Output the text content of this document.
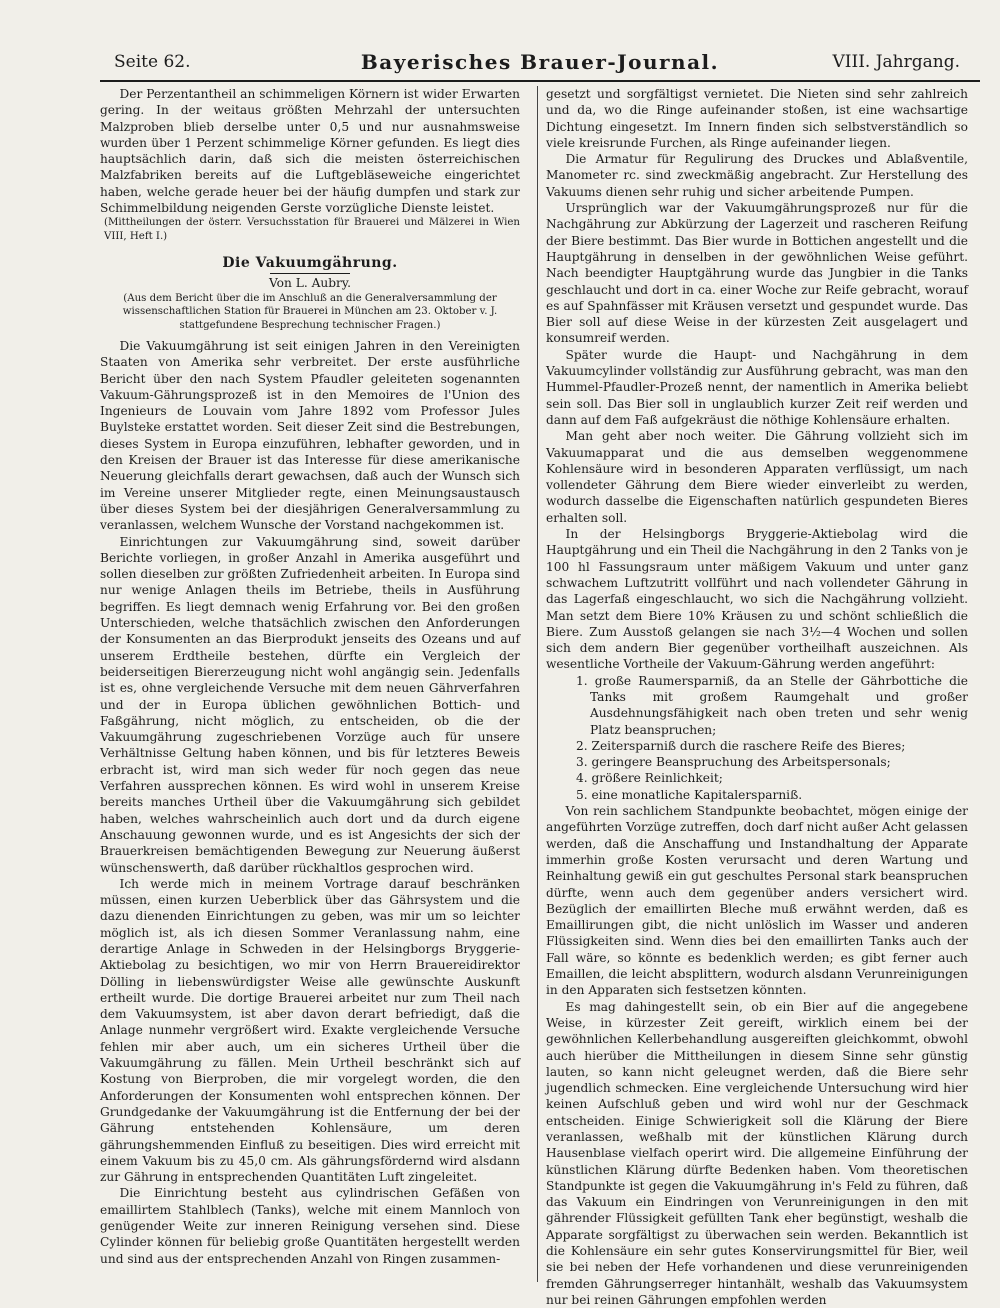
Seite 62.	Bayerisches Brauer-Journal.	VIII. Jahrgang.

Der Perzentantheil an schimmeligen Körnern ist wider Erwarten gering. In der weitaus größten Mehrzahl der untersuchten Malzproben blieb derselbe unter 0,5 und nur ausnahmsweise wurden über 1 Perzent schimmelige Körner gefunden. Es liegt dies hauptsächlich darin, daß sich die meisten österreichischen Malzfabriken bereits auf die Luftgebläseweiche eingerichtet haben, welche gerade heuer bei der häufig dumpfen und stark zur Schimmelbildung neigenden Gerste vorzügliche Dienste leistet.

(Mittheilungen der österr. Versuchsstation für Brauerei und Mälzerei in Wien VIII, Heft I.)

Die Vakuumgährung.
Von L. Aubry.
(Aus dem Bericht über die im Anschluß an die Generalversammlung der wissenschaftlichen Station für Brauerei in München am 23. Oktober v. J. stattgefundene Besprechung technischer Fragen.)

Die Vakuumgährung ist seit einigen Jahren in den Vereinigten Staaten von Amerika sehr verbreitet. Der erste ausführliche Bericht über den nach System Pfaudler geleiteten sogenannten Vakuum-Gährungsprozeß ist in den Memoires de l'Union des Ingenieurs de Louvain vom Jahre 1892 vom Professor Jules Buylsteke erstattet worden. Seit dieser Zeit sind die Bestrebungen, dieses System in Europa einzuführen, lebhafter geworden, und in den Kreisen der Brauer ist das Interesse für diese amerikanische Neuerung gleichfalls derart gewachsen, daß auch der Wunsch sich im Vereine unserer Mitglieder regte, einen Meinungsaustausch über dieses System bei der diesjährigen Generalversammlung zu veranlassen, welchem Wunsche der Vorstand nachgekommen ist.

Einrichtungen zur Vakuumgährung sind, soweit darüber Berichte vorliegen, in großer Anzahl in Amerika ausgeführt und sollen dieselben zur größten Zufriedenheit arbeiten. In Europa sind nur wenige Anlagen theils im Betriebe, theils in Ausführung begriffen. Es liegt demnach wenig Erfahrung vor. Bei den großen Unterschieden, welche thatsächlich zwischen den Anforderungen der Konsumenten an das Bierprodukt jenseits des Ozeans und auf unserem Erdtheile bestehen, dürfte ein Vergleich der beiderseitigen Biererzeugung nicht wohl angängig sein. Jedenfalls ist es, ohne vergleichende Versuche mit dem neuen Gährverfahren und der in Europa üblichen gewöhnlichen Bottich- und Faßgährung, nicht möglich, zu entscheiden, ob die der Vakuumgährung zugeschriebenen Vorzüge auch für unsere Verhältnisse Geltung haben können, und bis für letzteres Beweis erbracht ist, wird man sich weder für noch gegen das neue Verfahren aussprechen können. Es wird wohl in unserem Kreise bereits manches Urtheil über die Vakuumgährung sich gebildet haben, welches wahrscheinlich auch dort und da durch eigene Anschauung gewonnen wurde, und es ist Angesichts der sich der Brauerkreisen bemächtigenden Bewegung zur Neuerung äußerst wünschenswerth, daß darüber rückhaltlos gesprochen wird.

Ich werde mich in meinem Vortrage darauf beschränken müssen, einen kurzen Ueberblick über das Gährsystem und die dazu dienenden Einrichtungen zu geben, was mir um so leichter möglich ist, als ich diesen Sommer Veranlassung nahm, eine derartige Anlage in Schweden in der Helsingborgs Bryggerie-Aktiebolag zu besichtigen, wo mir von Herrn Brauereidirektor Dölling in liebenswürdigster Weise alle gewünschte Auskunft ertheilt wurde. Die dortige Brauerei arbeitet nur zum Theil nach dem Vakuumsystem, ist aber davon derart befriedigt, daß die Anlage nunmehr vergrößert wird. Exakte vergleichende Versuche fehlen mir aber auch, um ein sicheres Urtheil über die Vakuumgährung zu fällen. Mein Urtheil beschränkt sich auf Kostung von Bierproben, die mir vorgelegt worden, die den Anforderungen der Konsumenten wohl entsprechen können. Der Grundgedanke der Vakuumgährung ist die Entfernung der bei der Gährung entstehenden Kohlensäure, um deren gährungshemmenden Einfluß zu beseitigen. Dies wird erreicht mit einem Vakuum bis zu 45,0 cm. Als gährungsfördernd wird alsdann zur Gährung in entsprechenden Quantitäten Luft zingeleitet.

Die Einrichtung besteht aus cylindrischen Gefäßen von emaillirtem Stahlblech (Tanks), welche mit einem Mannloch von genügender Weite zur inneren Reinigung versehen sind. Diese Cylinder können für beliebig große Quantitäten hergestellt werden und sind aus der entsprechenden Anzahl von Ringen zusammen-

gesetzt und sorgfältigst vernietet. Die Nieten sind sehr zahlreich und da, wo die Ringe aufeinander stoßen, ist eine wachsartige Dichtung eingesetzt. Im Innern finden sich selbstverständlich so viele kreisrunde Furchen, als Ringe aufeinander liegen.

Die Armatur für Regulirung des Druckes und Ablaßventile, Manometer rc. sind zweckmäßig angebracht. Zur Herstellung des Vakuums dienen sehr ruhig und sicher arbeitende Pumpen.

Ursprünglich war der Vakuumgährungsprozeß nur für die Nachgährung zur Abkürzung der Lagerzeit und rascheren Reifung der Biere bestimmt. Das Bier wurde in Bottichen angestellt und die Hauptgährung in denselben in der gewöhnlichen Weise geführt. Nach beendigter Hauptgährung wurde das Jungbier in die Tanks geschlaucht und dort in ca. einer Woche zur Reife gebracht, worauf es auf Spahnfässer mit Kräusen versetzt und gespundet wurde. Das Bier soll auf diese Weise in der kürzesten Zeit ausgelagert und konsumreif werden.

Später wurde die Haupt- und Nachgährung in dem Vakuumcylinder vollständig zur Ausführung gebracht, was man den Hummel-Pfaudler-Prozeß nennt, der namentlich in Amerika beliebt sein soll. Das Bier soll in unglaublich kurzer Zeit reif werden und dann auf dem Faß aufgekräust die nöthige Kohlensäure erhalten.

Man geht aber noch weiter. Die Gährung vollzieht sich im Vakuumapparat und die aus demselben weggenommene Kohlensäure wird in besonderen Apparaten verflüssigt, um nach vollendeter Gährung dem Biere wieder einverleibt zu werden, wodurch dasselbe die Eigenschaften natürlich gespundeten Bieres erhalten soll.

In der Helsingborgs Bryggerie-Aktiebolag wird die Hauptgährung und ein Theil die Nachgährung in den 2 Tanks von je 100 hl Fassungsraum unter mäßigem Vakuum und unter ganz schwachem Luftzutritt vollführt und nach vollendeter Gährung in das Lagerfaß eingeschlaucht, wo sich die Nachgährung vollzieht. Man setzt dem Biere 10% Kräusen zu und schönt schließlich die Biere. Zum Ausstoß gelangen sie nach 3½—4 Wochen und sollen sich dem andern Bier gegenüber vortheilhaft auszeichnen. Als wesentliche Vortheile der Vakuum-Gährung werden angeführt:

1. große Raumersparniß, da an Stelle der Gährbottiche die Tanks mit großem Raumgehalt und großer Ausdehnungsfähigkeit nach oben treten und sehr wenig Platz beanspruchen;
2. Zeitersparniß durch die raschere Reife des Bieres;
3. geringere Beanspruchung des Arbeitspersonals;
4. größere Reinlichkeit;
5. eine monatliche Kapitalersparniß.

Von rein sachlichem Standpunkte beobachtet, mögen einige der angeführten Vorzüge zutreffen, doch darf nicht außer Acht gelassen werden, daß die Anschaffung und Instandhaltung der Apparate immerhin große Kosten verursacht und deren Wartung und Reinhaltung gewiß ein gut geschultes Personal stark beanspruchen dürfte, wenn auch dem gegenüber anders versichert wird. Bezüglich der emaillirten Bleche muß erwähnt werden, daß es Emaillirungen gibt, die nicht unlöslich im Wasser und anderen Flüssigkeiten sind. Wenn dies bei den emaillirten Tanks auch der Fall wäre, so könnte es bedenklich werden; es gibt ferner auch Emaillen, die leicht absplittern, wodurch alsdann Verunreinigungen in den Apparaten sich festsetzen könnten.

Es mag dahingestellt sein, ob ein Bier auf die angegebene Weise, in kürzester Zeit gereift, wirklich einem bei der gewöhnlichen Kellerbehandlung ausgereiften gleichkommt, obwohl auch hierüber die Mittheilungen in diesem Sinne sehr günstig lauten, so kann nicht geleugnet werden, daß die Biere sehr jugendlich schmecken. Eine vergleichende Untersuchung wird hier keinen Aufschluß geben und wird wohl nur der Geschmack entscheiden. Einige Schwierigkeit soll die Klärung der Biere veranlassen, weßhalb mit der künstlichen Klärung durch Hausenblase vielfach operirt wird. Die allgemeine Einführung der künstlichen Klärung dürfte Bedenken haben. Vom theoretischen Standpunkte ist gegen die Vakuumgährung in's Feld zu führen, daß das Vakuum ein Eindringen von Verunreinigungen in den mit gährender Flüssigkeit gefüllten Tank eher begünstigt, weshalb die Apparate sorgfältigst zu überwachen sein werden. Bekanntlich ist die Kohlensäure ein sehr gutes Konservirungsmittel für Bier, weil sie bei neben der Hefe vorhandenen und diese verunreinigenden fremden Gährungserreger hintanhält, weshalb das Vakuumsystem nur bei reinen Gährungen empfohlen werden
